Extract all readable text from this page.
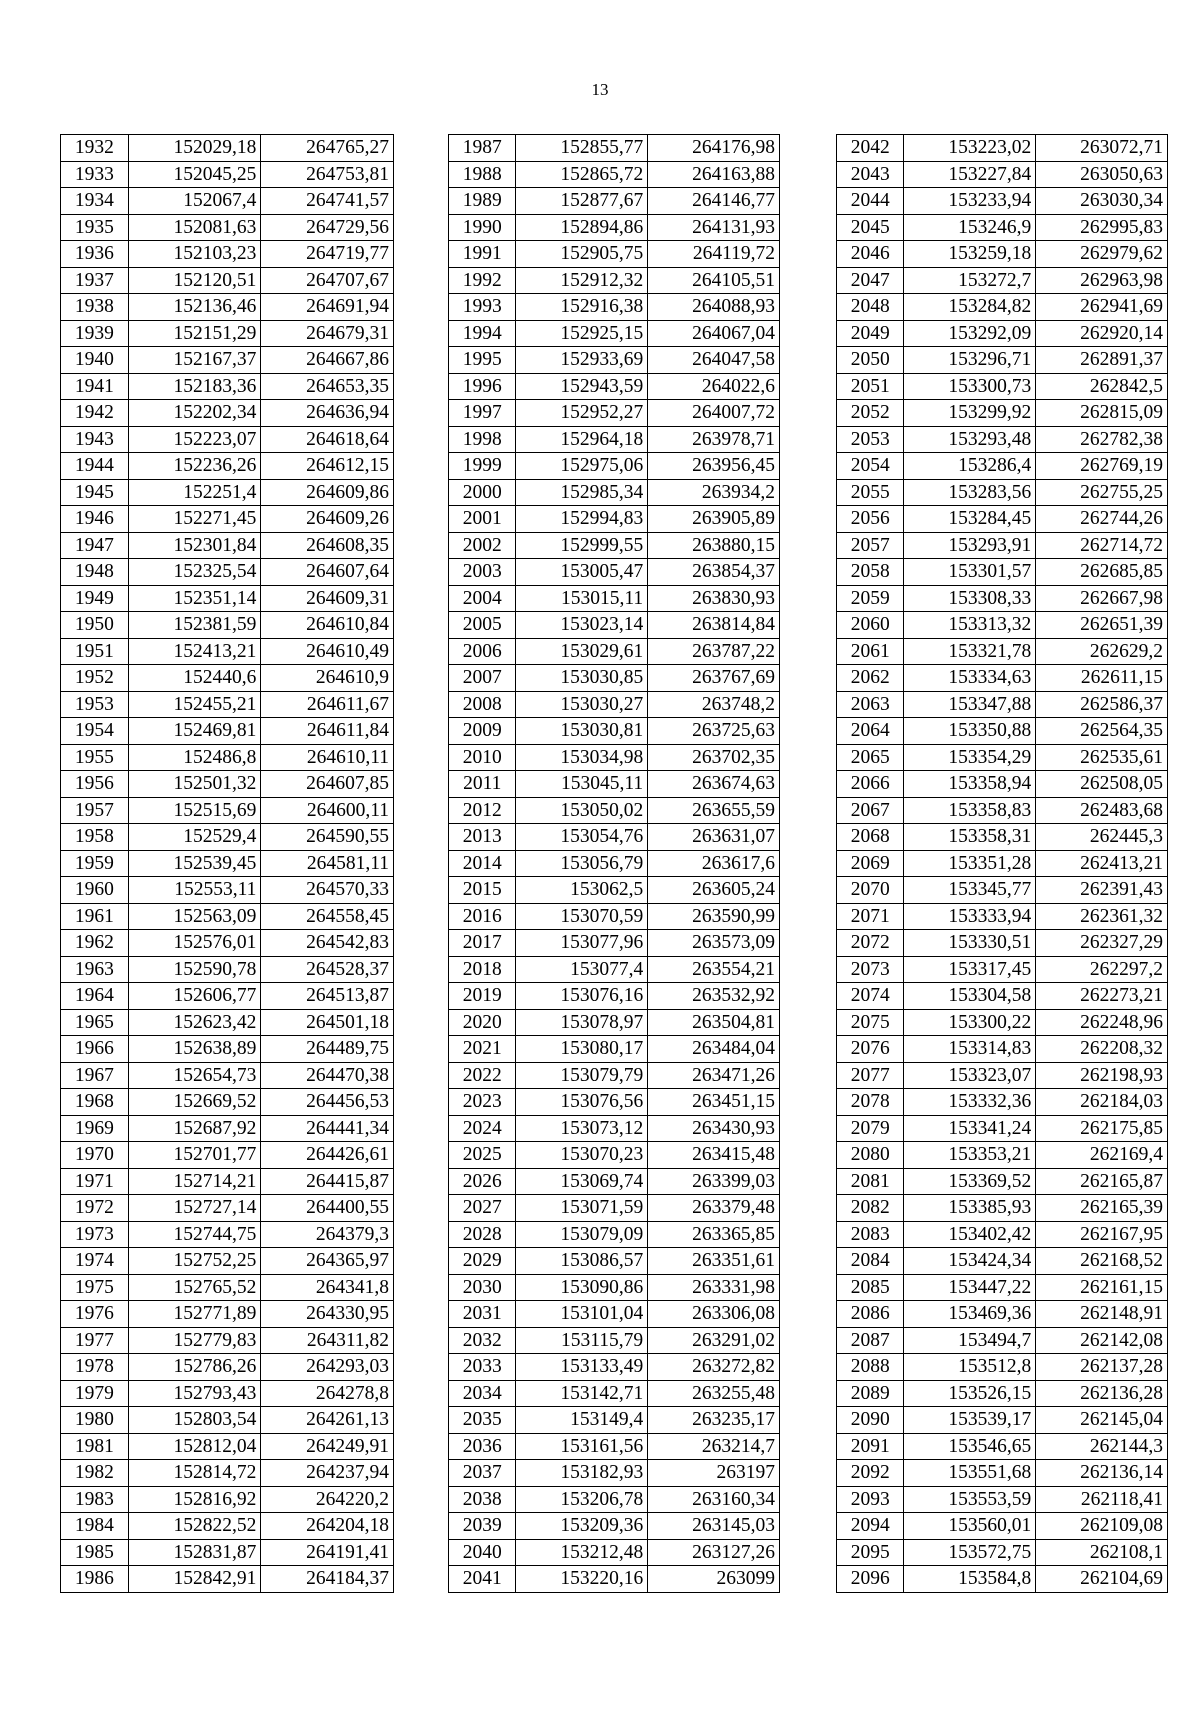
13
1932	152029,18	264765,27
1933	152045,25	264753,81
1934	152067,4	264741,57
1935	152081,63	264729,56
1936	152103,23	264719,77
1937	152120,51	264707,67
1938	152136,46	264691,94
1939	152151,29	264679,31
1940	152167,37	264667,86
1941	152183,36	264653,35
1942	152202,34	264636,94
1943	152223,07	264618,64
1944	152236,26	264612,15
1945	152251,4	264609,86
1946	152271,45	264609,26
1947	152301,84	264608,35
1948	152325,54	264607,64
1949	152351,14	264609,31
1950	152381,59	264610,84
1951	152413,21	264610,49
1952	152440,6	264610,9
1953	152455,21	264611,67
1954	152469,81	264611,84
1955	152486,8	264610,11
1956	152501,32	264607,85
1957	152515,69	264600,11
1958	152529,4	264590,55
1959	152539,45	264581,11
1960	152553,11	264570,33
1961	152563,09	264558,45
1962	152576,01	264542,83
1963	152590,78	264528,37
1964	152606,77	264513,87
1965	152623,42	264501,18
1966	152638,89	264489,75
1967	152654,73	264470,38
1968	152669,52	264456,53
1969	152687,92	264441,34
1970	152701,77	264426,61
1971	152714,21	264415,87
1972	152727,14	264400,55
1973	152744,75	264379,3
1974	152752,25	264365,97
1975	152765,52	264341,8
1976	152771,89	264330,95
1977	152779,83	264311,82
1978	152786,26	264293,03
1979	152793,43	264278,8
1980	152803,54	264261,13
1981	152812,04	264249,91
1982	152814,72	264237,94
1983	152816,92	264220,2
1984	152822,52	264204,18
1985	152831,87	264191,41
1986	152842,91	264184,37
1987	152855,77	264176,98
1988	152865,72	264163,88
1989	152877,67	264146,77
1990	152894,86	264131,93
1991	152905,75	264119,72
1992	152912,32	264105,51
1993	152916,38	264088,93
1994	152925,15	264067,04
1995	152933,69	264047,58
1996	152943,59	264022,6
1997	152952,27	264007,72
1998	152964,18	263978,71
1999	152975,06	263956,45
2000	152985,34	263934,2
2001	152994,83	263905,89
2002	152999,55	263880,15
2003	153005,47	263854,37
2004	153015,11	263830,93
2005	153023,14	263814,84
2006	153029,61	263787,22
2007	153030,85	263767,69
2008	153030,27	263748,2
2009	153030,81	263725,63
2010	153034,98	263702,35
2011	153045,11	263674,63
2012	153050,02	263655,59
2013	153054,76	263631,07
2014	153056,79	263617,6
2015	153062,5	263605,24
2016	153070,59	263590,99
2017	153077,96	263573,09
2018	153077,4	263554,21
2019	153076,16	263532,92
2020	153078,97	263504,81
2021	153080,17	263484,04
2022	153079,79	263471,26
2023	153076,56	263451,15
2024	153073,12	263430,93
2025	153070,23	263415,48
2026	153069,74	263399,03
2027	153071,59	263379,48
2028	153079,09	263365,85
2029	153086,57	263351,61
2030	153090,86	263331,98
2031	153101,04	263306,08
2032	153115,79	263291,02
2033	153133,49	263272,82
2034	153142,71	263255,48
2035	153149,4	263235,17
2036	153161,56	263214,7
2037	153182,93	263197
2038	153206,78	263160,34
2039	153209,36	263145,03
2040	153212,48	263127,26
2041	153220,16	263099
2042	153223,02	263072,71
2043	153227,84	263050,63
2044	153233,94	263030,34
2045	153246,9	262995,83
2046	153259,18	262979,62
2047	153272,7	262963,98
2048	153284,82	262941,69
2049	153292,09	262920,14
2050	153296,71	262891,37
2051	153300,73	262842,5
2052	153299,92	262815,09
2053	153293,48	262782,38
2054	153286,4	262769,19
2055	153283,56	262755,25
2056	153284,45	262744,26
2057	153293,91	262714,72
2058	153301,57	262685,85
2059	153308,33	262667,98
2060	153313,32	262651,39
2061	153321,78	262629,2
2062	153334,63	262611,15
2063	153347,88	262586,37
2064	153350,88	262564,35
2065	153354,29	262535,61
2066	153358,94	262508,05
2067	153358,83	262483,68
2068	153358,31	262445,3
2069	153351,28	262413,21
2070	153345,77	262391,43
2071	153333,94	262361,32
2072	153330,51	262327,29
2073	153317,45	262297,2
2074	153304,58	262273,21
2075	153300,22	262248,96
2076	153314,83	262208,32
2077	153323,07	262198,93
2078	153332,36	262184,03
2079	153341,24	262175,85
2080	153353,21	262169,4
2081	153369,52	262165,87
2082	153385,93	262165,39
2083	153402,42	262167,95
2084	153424,34	262168,52
2085	153447,22	262161,15
2086	153469,36	262148,91
2087	153494,7	262142,08
2088	153512,8	262137,28
2089	153526,15	262136,28
2090	153539,17	262145,04
2091	153546,65	262144,3
2092	153551,68	262136,14
2093	153553,59	262118,41
2094	153560,01	262109,08
2095	153572,75	262108,1
2096	153584,8	262104,69
